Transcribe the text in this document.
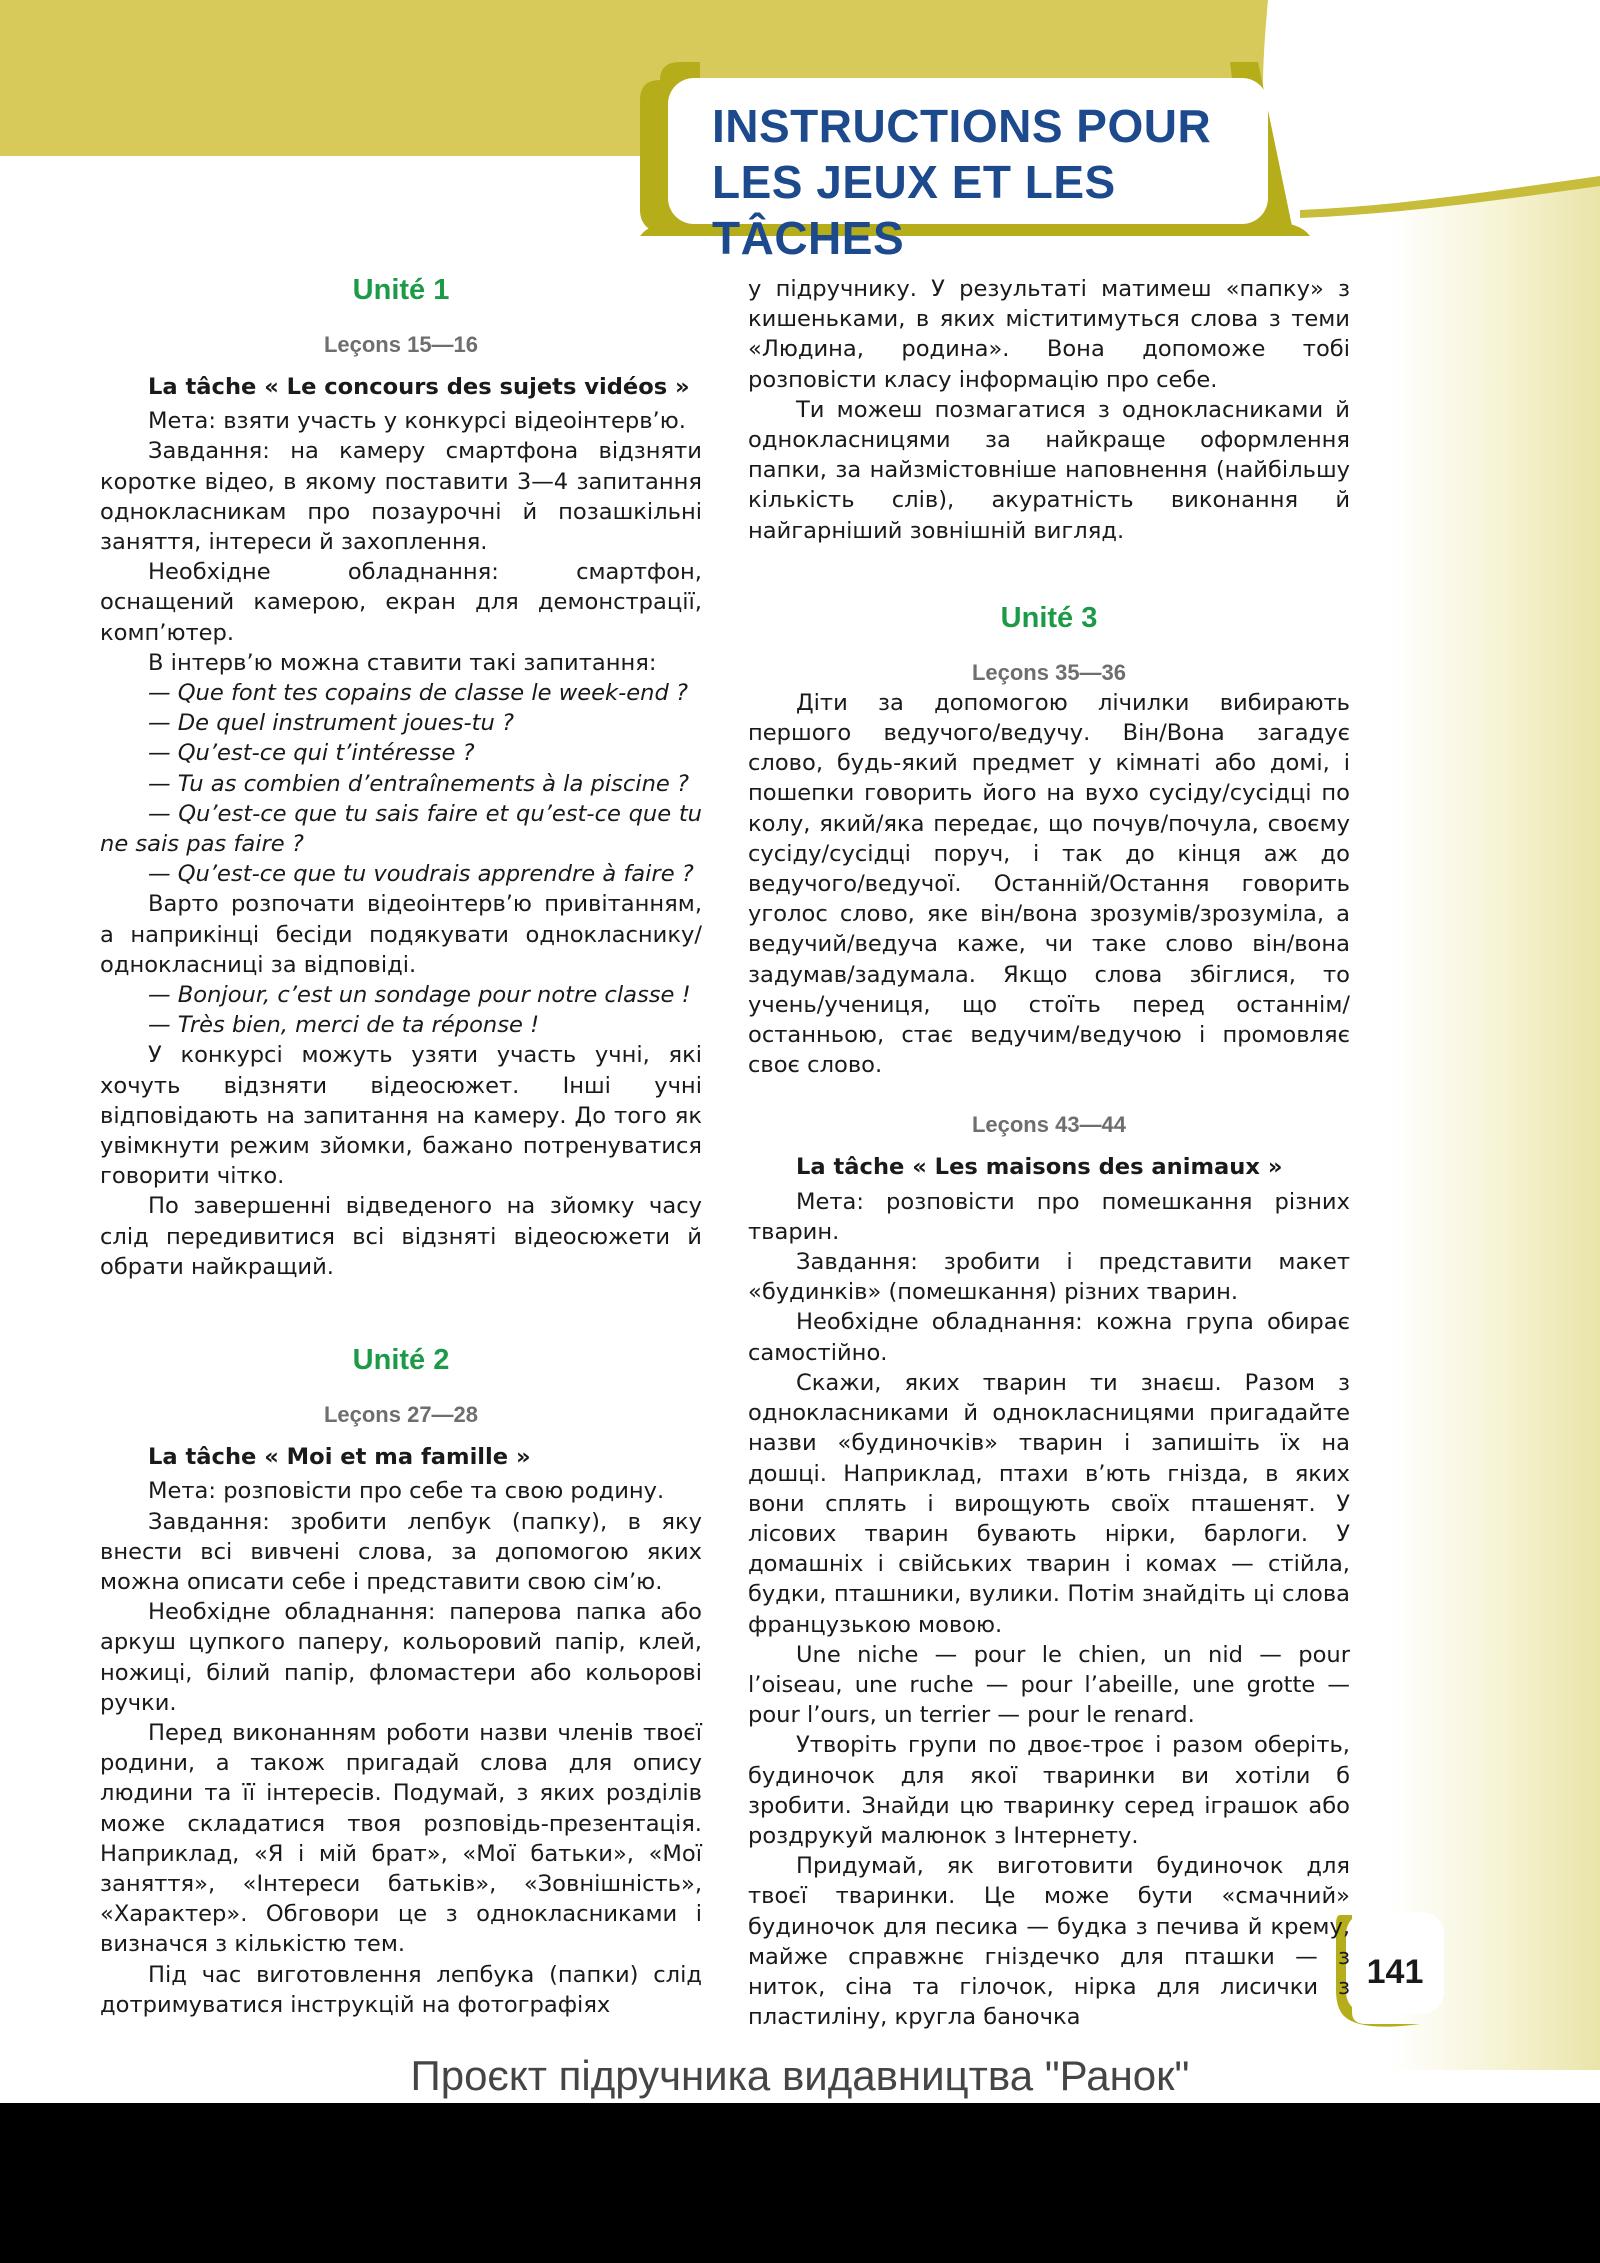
INSTRUCTIONS POUR
LES JEUX ET LES TÂCHES
Unité 1
Leçons 15—16

La tâche « Le concours des sujets vidéos »

Мета: взяти участь у конкурсі відеоінтерв’ю.

Завдання: на камеру смартфона відзняти короткe відео, в якому поставити 3—4 запитання однокласникам про позаурочні й позашкільні заняття, інтереси й захоплення.

Необхідне обладнання: смартфон, оснащений камерою, екран для демонстрації, комп’ютер.

В інтерв’ю можна ставити такі запитання:

— Que font tes copains de classe le week-end ?

— De quel instrument joues-tu ?

— Qu’est-ce qui t’intéresse ?

— Tu as combien d’entraînements à la piscine ?

— Qu’est-ce que tu sais faire et qu’est-ce que tu ne sais pas faire ?

— Qu’est-ce que tu voudrais apprendre à faire ?

Варто розпочати відеоінтерв’ю привітанням, а наприкінці бесіди подякувати однокласнику/однокласниці за відповіді.

— Bonjour, c’est un sondage pour notre classe !

— Très bien, merci de ta réponse !

У конкурсі можуть узяти участь учні, які хочуть відзняти відеосюжет. Інші учні відповідають на запитання на камеру. До того як увімкнути режим зйомки, бажано потренуватися говорити чітко.

По завершенні відведеного на зйомку часу слід передивитися всі відзняті відеосюжети й обрати найкращий.

Unité 2
Leçons 27—28

La tâche « Moi et ma famille »

Мета: розповісти про себе та свою родину.

Завдання: зробити лепбук (папку), в яку внести всі вивчені слова, за допомогою яких можна описати себе і представити свою сім’ю.

Необхідне обладнання: паперова папка або аркуш цупкого паперу, кольоровий папір, клей, ножиці, білий папір, фломастери або кольорові ручки.

Перед виконанням роботи назви членів твоєї родини, а також пригадай слова для опису людини та її інтересів. Подумай, з яких розділів може складатися твоя розповідь-презентація. Наприклад, «Я і мій брат», «Мої батьки», «Мої заняття», «Інтереси батьків», «Зовнішність», «Характер». Обговори це з однокласниками і визначся з кількістю тем.

Під час виготовлення лепбука (папки) слід дотримуватися інструкцій на фотографіях

у підручнику. У результаті матимеш «папку» з кишеньками, в яких міститимуться слова з теми «Людина, родина». Вона допоможе тобі розповісти класу інформацію про себе.

Ти можеш позмагатися з однокласниками й однокласницями за найкраще оформлення папки, за найзмістовніше наповнення (найбільшу кількість слів), акуратність виконання й найгарніший зовнішній вигляд.

Unité 3
Leçons 35—36

Діти за допомогою лічилки вибирають першого ведучого/ведучу. Він/Вона загадує слово, будь-який предмет у кімнаті або домі, і пошепки говорить його на вухо сусіду/сусідці по колу, який/яка передає, що почув/почула, своєму сусіду/сусідці поруч, і так до кінця аж до ведучого/ведучої. Останній/Остання говорить уголос слово, яке він/вона зрозумів/зрозуміла, а ведучий/ведуча каже, чи таке слово він/вона задумав/задумала. Якщо слова збіглися, то учень/учениця, що стоїть перед останнім/останньою, стає ведучим/ведучою і промовляє своє слово.

Leçons 43—44

La tâche « Les maisons des animaux »

Мета: розповісти про помешкання різних тварин.

Завдання: зробити і представити макет «будинків» (помешкання) різних тварин.

Необхідне обладнання: кожна група обирає самостійно.

Скажи, яких тварин ти знаєш. Разом з однокласниками й однокласницями пригадайте назви «будиночків» тварин і запишіть їх на дошці. Наприклад, птахи в’ють гнізда, в яких вони сплять і вирощують своїх пташенят. У лісових тварин бувають нірки, барлоги. У домашніх і свійських тварин і комах — стійла, будки, пташники, вулики. Потім знайдіть ці слова французькою мовою.

Une niche — pour le chien, un nid — pour l’oiseau, une ruche — pour l’abeille, une grotte — pour l’ours, un terrier — pour le renard.

Утворіть групи по двоє-троє і разом оберіть, будиночок для якої тваринки ви хотіли б зробити. Знайди цю тваринку серед іграшок або роздрукуй малюнок з Інтернету.

Придумай, як виготовити будиночок для твоєї тваринки. Це може бути «смачний» будиночок для песика — будка з печива й крему, майже справжнє гніздечко для пташки — з ниток, сіна та гілочок, нірка для лисички з пластиліну, кругла баночка

141
Проєкт підручника видавництва "Ранок"
